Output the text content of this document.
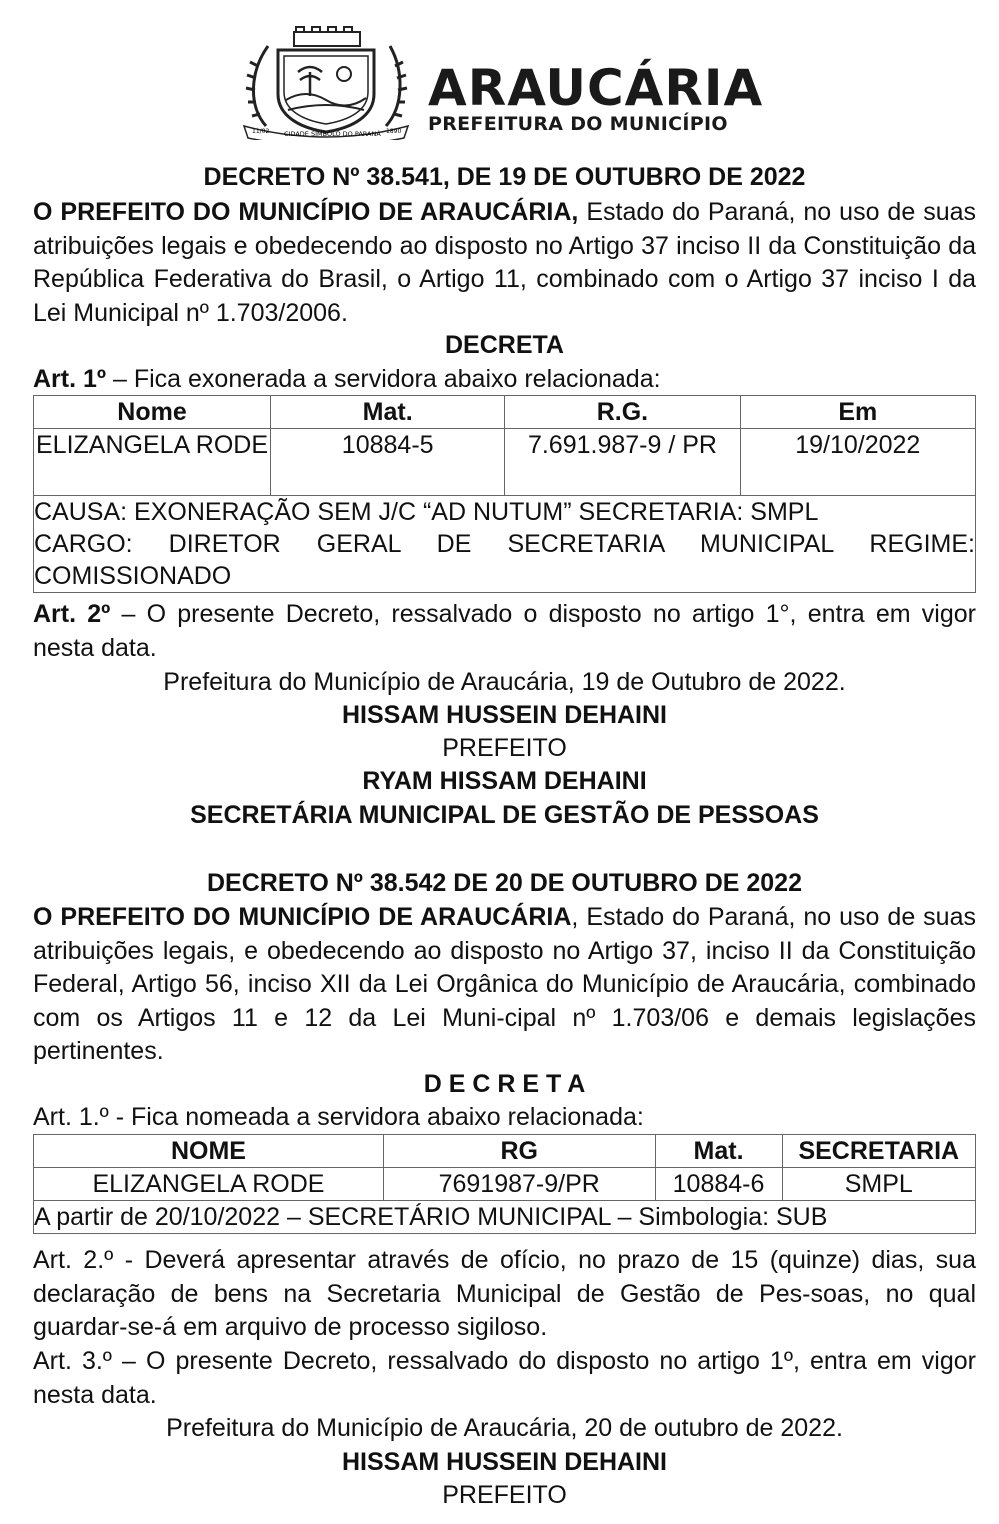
11/02 CIDADE SÍMBOLO DO PARANÁ 1890
ARAUCÁRIA
PREFEITURA DO MUNICÍPIO
DECRETO Nº 38.541, DE 19 DE OUTUBRO DE 2022
O PREFEITO DO MUNICÍPIO DE ARAUCÁRIA, Estado do Paraná, no uso de suas atribuições legais e obedecendo ao disposto no Artigo 37 inciso II da Constituição da República Federativa do Brasil, o Artigo 11, combinado com o Artigo 37 inciso I da Lei Municipal nº 1.703/2006.
DECRETA
Art. 1º – Fica exonerada a servidora abaixo relacionada:
Nome	Mat.	R.G.	Em
ELIZANGELA RODE	10884-5	7.691.987-9 / PR	19/10/2022

CAUSA: EXONERAÇÃO SEM J/C “AD NUTUM” SECRETARIA: SMPL
CARGO: DIRETOR GERAL DE SECRETARIA MUNICIPAL REGIME:
COMISSIONADO			
Art. 2º – O presente Decreto, ressalvado o disposto no artigo 1°, entra em vigor nesta data.
Prefeitura do Município de Araucária, 19 de Outubro de 2022.
HISSAM HUSSEIN DEHAINI
PREFEITO
RYAM HISSAM DEHAINI
SECRETÁRIA MUNICIPAL DE GESTÃO DE PESSOAS
DECRETO Nº 38.542 DE 20 DE OUTUBRO DE 2022
O PREFEITO DO MUNICÍPIO DE ARAUCÁRIA, Estado do Paraná, no uso de suas atribuições legais, e obedecendo ao disposto no Artigo 37, inciso II da Constituição Federal, Artigo 56, inciso XII da Lei Orgânica do Município de Araucária, combinado com os Artigos 11 e 12 da Lei Muni-cipal nº 1.703/06 e demais legislações pertinentes.
D E C R E T A
Art. 1.º - Fica nomeada a servidora abaixo relacionada:
NOME	RG	Mat.	SECRETARIA
ELIZANGELA RODE	7691987-9/PR	10884-6	SMPL
A partir de 20/10/2022 – SECRETÁRIO MUNICIPAL – Simbologia: SUB			
Art. 2.º - Deverá apresentar através de ofício, no prazo de 15 (quinze) dias, sua declaração de bens na Secretaria Municipal de Gestão de Pes-soas, no qual guardar-se-á em arquivo de processo sigiloso.
Art. 3.º – O presente Decreto, ressalvado do disposto no artigo 1º, entra em vigor nesta data.
Prefeitura do Município de Araucária, 20 de outubro de 2022.
HISSAM HUSSEIN DEHAINI
PREFEITO
